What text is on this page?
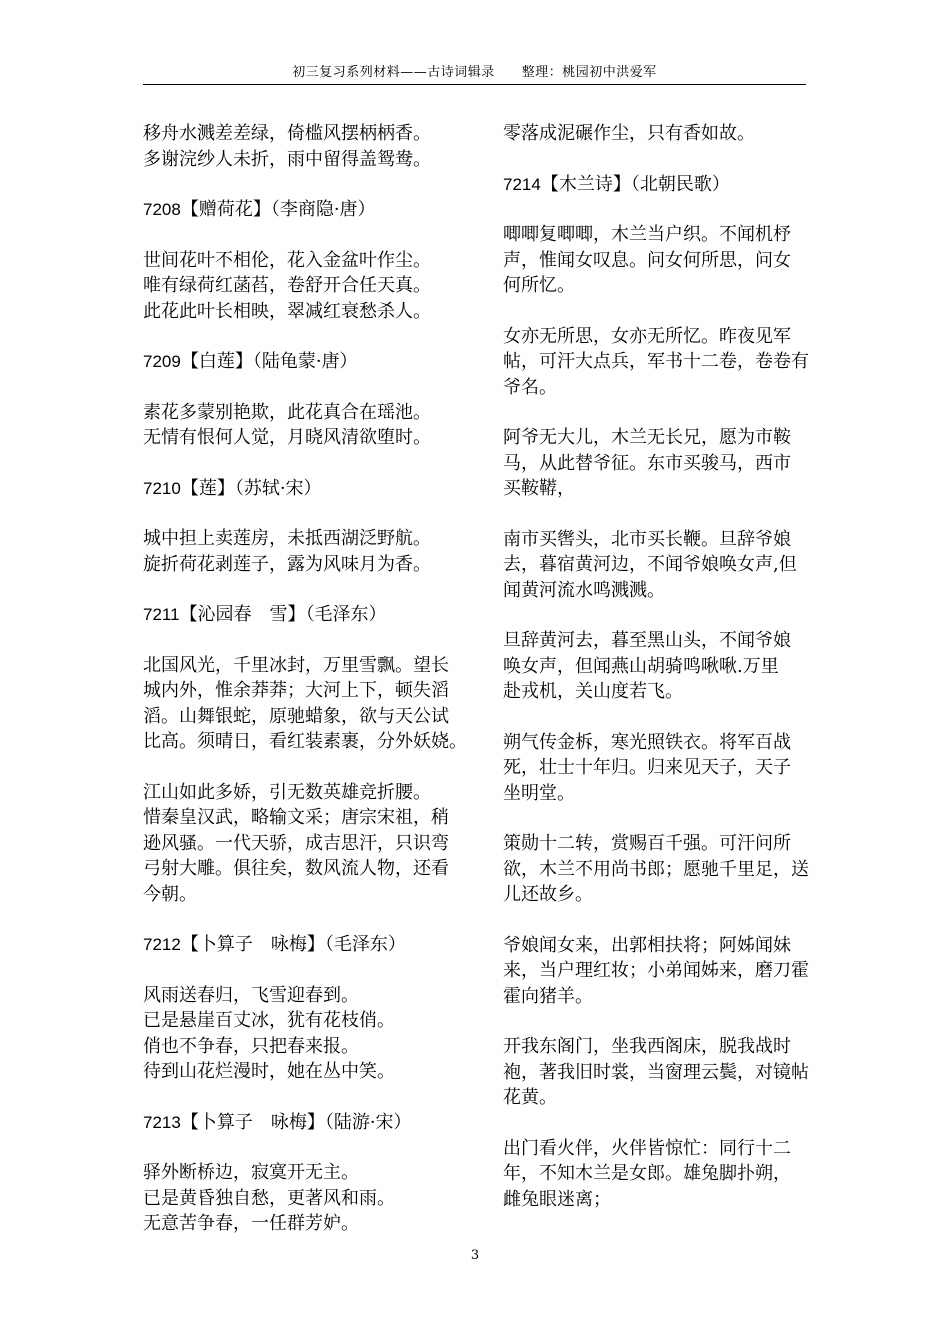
初三复习系列材料——古诗词辑录　　整理：桃园初中洪爱军
移舟水溅差差绿，倚槛风摆柄柄香。
多谢浣纱人未折，雨中留得盖鸳鸯。
7208【赠荷花】（李商隐·唐）
世间花叶不相伦，花入金盆叶作尘。
唯有绿荷红菡萏，卷舒开合任天真。
此花此叶长相映，翠减红衰愁杀人。
7209【白莲】（陆龟蒙·唐）
素花多蒙别艳欺，此花真合在瑶池。
无情有恨何人觉，月晓风清欲堕时。
7210【莲】（苏轼·宋）
城中担上卖莲房，未抵西湖泛野航。
旋折荷花剥莲子，露为风味月为香。
7211【沁园春　雪】（毛泽东）
北国风光，千里冰封，万里雪飘。望长
城内外，惟余莽莽；大河上下，顿失滔
滔。山舞银蛇，原驰蜡象，欲与天公试
比高。须晴日，看红装素裹，分外妖娆。
江山如此多娇，引无数英雄竞折腰。
惜秦皇汉武，略输文采；唐宗宋祖，稍
逊风骚。一代天骄，成吉思汗，只识弯
弓射大雕。俱往矣，数风流人物，还看
今朝。
7212【卜算子　咏梅】（毛泽东）
风雨送春归，飞雪迎春到。
已是悬崖百丈冰，犹有花枝俏。
俏也不争春，只把春来报。
待到山花烂漫时，她在丛中笑。
7213【卜算子　咏梅】（陆游·宋）
驿外断桥边，寂寞开无主。
已是黄昏独自愁，更著风和雨。
无意苦争春，一任群芳妒。
零落成泥碾作尘，只有香如故。
7214【木兰诗】（北朝民歌）
唧唧复唧唧，木兰当户织。不闻机杼
声，惟闻女叹息。问女何所思，问女
何所忆。
女亦无所思，女亦无所忆。昨夜见军
帖，可汗大点兵，军书十二卷，卷卷有
爷名。
阿爷无大儿，木兰无长兄，愿为市鞍
马，从此替爷征。东市买骏马，西市
买鞍鞯，
南市买辔头，北市买长鞭。旦辞爷娘
去，暮宿黄河边，不闻爷娘唤女声,但
闻黄河流水鸣溅溅。
旦辞黄河去，暮至黑山头，不闻爷娘
唤女声，但闻燕山胡骑鸣啾啾.万里
赴戎机，关山度若飞。
朔气传金柝，寒光照铁衣。将军百战
死，壮士十年归。归来见天子，天子
坐明堂。
策勋十二转，赏赐百千强。可汗问所
欲，木兰不用尚书郎；愿驰千里足，送
儿还故乡。
爷娘闻女来，出郭相扶将；阿姊闻妹
来，当户理红妆；小弟闻姊来，磨刀霍
霍向猪羊。
开我东阁门，坐我西阁床，脱我战时
袍，著我旧时裳，当窗理云鬓，对镜帖
花黄。
出门看火伴，火伴皆惊忙：同行十二
年，不知木兰是女郎。雄兔脚扑朔，
雌兔眼迷离；
3
